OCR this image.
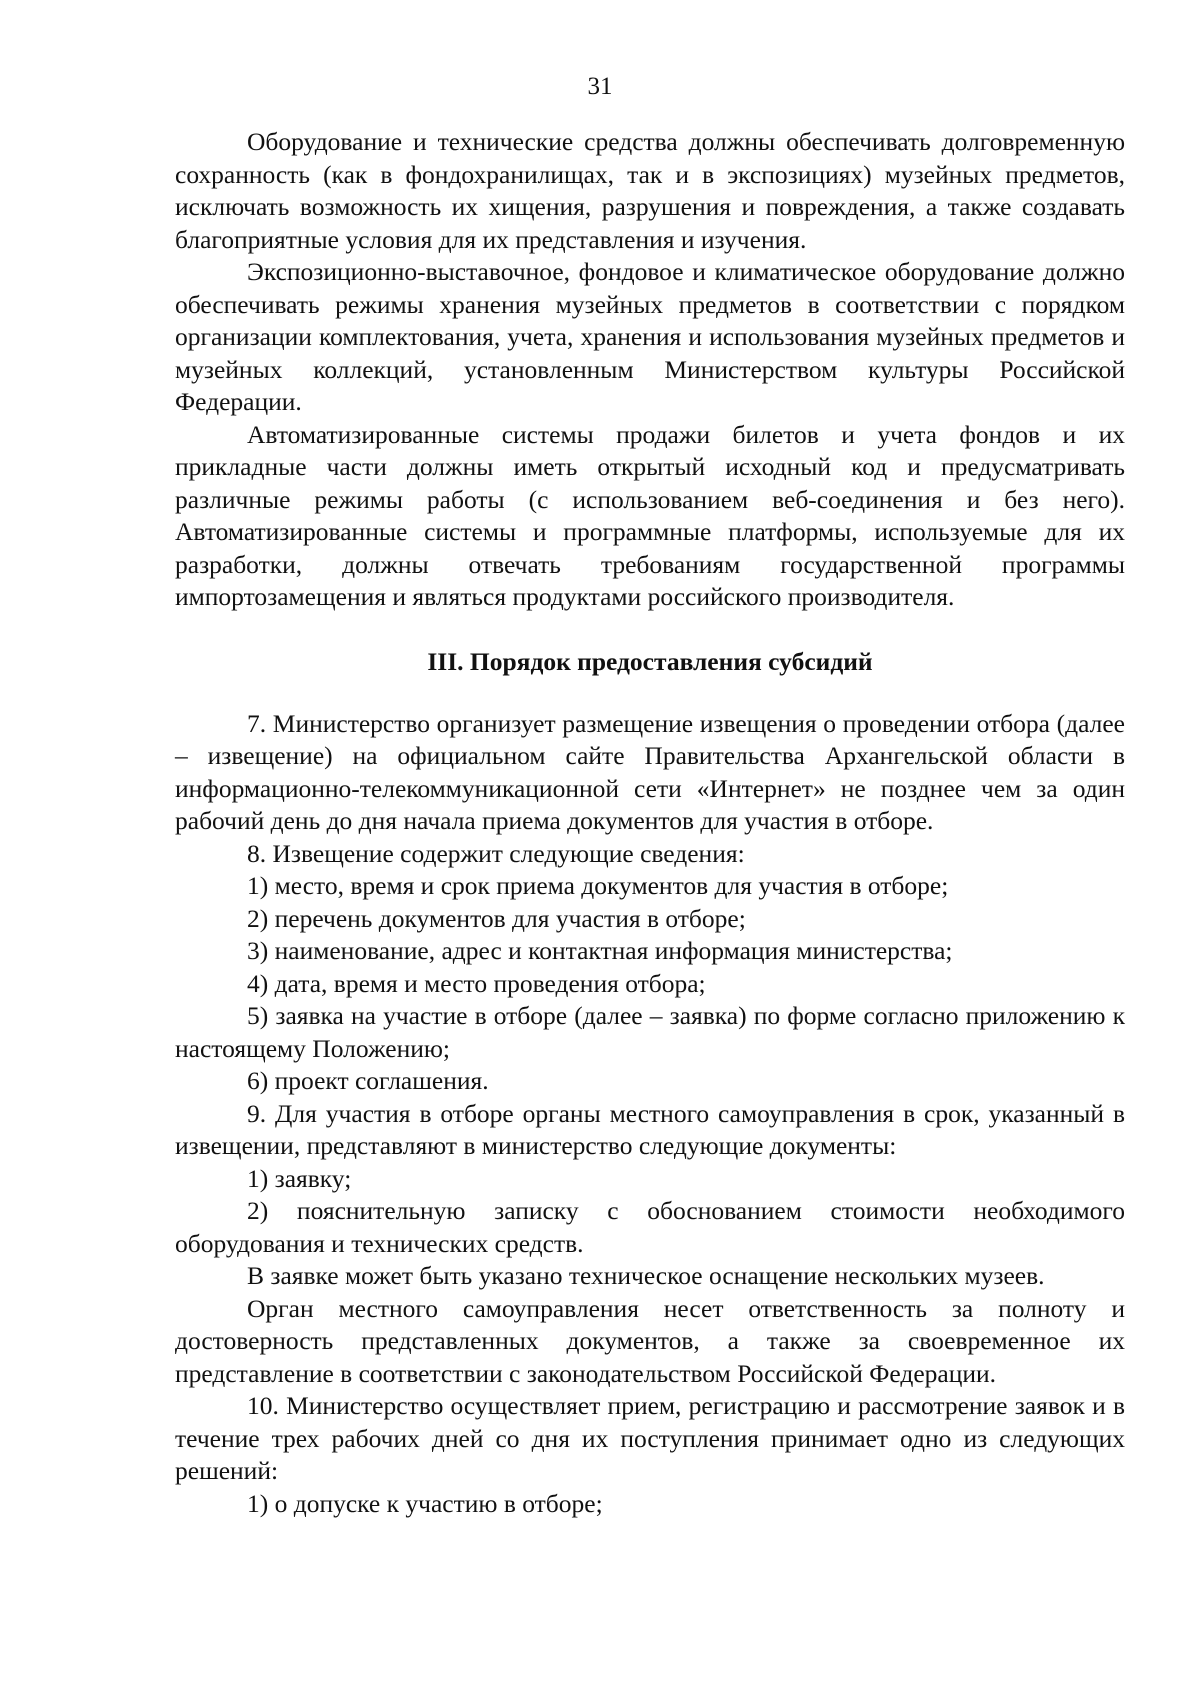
31

Оборудование и технические средства должны обеспечивать долговременную сохранность (как в фондохранилищах, так и в экспозициях) музейных предметов, исключать возможность их хищения, разрушения и повреждения, а также создавать благоприятные условия для их представления и изучения.

Экспозиционно-выставочное, фондовое и климатическое оборудование должно обеспечивать режимы хранения музейных предметов в соответствии с порядком организации комплектования, учета, хранения и использования музейных предметов и музейных коллекций, установленным Министерством культуры Российской Федерации.

Автоматизированные системы продажи билетов и учета фондов и их прикладные части должны иметь открытый исходный код и предусматривать различные режимы работы (с использованием веб-соединения и без него). Автоматизированные системы и программные платформы, используемые для их разработки, должны отвечать требованиям государственной программы импортозамещения и являться продуктами российского производителя.

III. Порядок предоставления субсидий

7. Министерство организует размещение извещения о проведении отбора (далее – извещение) на официальном сайте Правительства Архангельской области в информационно-телекоммуникационной сети «Интернет» не позднее чем за один рабочий день до дня начала приема документов для участия в отборе.

8. Извещение содержит следующие сведения:

1) место, время и срок приема документов для участия в отборе;

2) перечень документов для участия в отборе;

3) наименование, адрес и контактная информация министерства;

4) дата, время и место проведения отбора;

5) заявка на участие в отборе (далее – заявка) по форме согласно приложению к настоящему Положению;

6) проект соглашения.

9. Для участия в отборе органы местного самоуправления в срок, указанный в извещении, представляют в министерство следующие документы:

1) заявку;

2) пояснительную записку с обоснованием стоимости необходимого оборудования и технических средств.

В заявке может быть указано техническое оснащение нескольких музеев.

Орган местного самоуправления несет ответственность за полноту и достоверность представленных документов, а также за своевременное их представление в соответствии с законодательством Российской Федерации.

10. Министерство осуществляет прием, регистрацию и рассмотрение заявок и в течение трех рабочих дней со дня их поступления принимает одно из следующих решений:

1) о допуске к участию в отборе;
